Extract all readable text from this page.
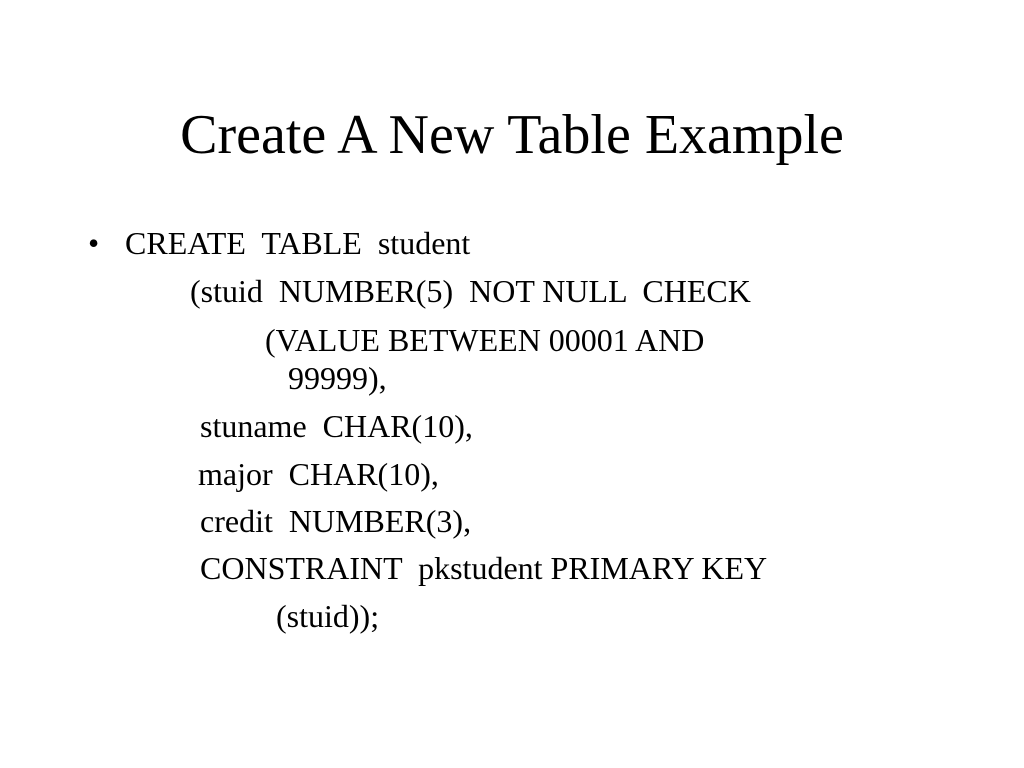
Create A New Table Example
• CREATE  TABLE  student
(stuid  NUMBER(5)  NOT NULL  CHECK
(VALUE BETWEEN 00001 AND
99999),
stuname  CHAR(10),
major  CHAR(10),
credit  NUMBER(3),
CONSTRAINT  pkstudent PRIMARY KEY
(stuid));
